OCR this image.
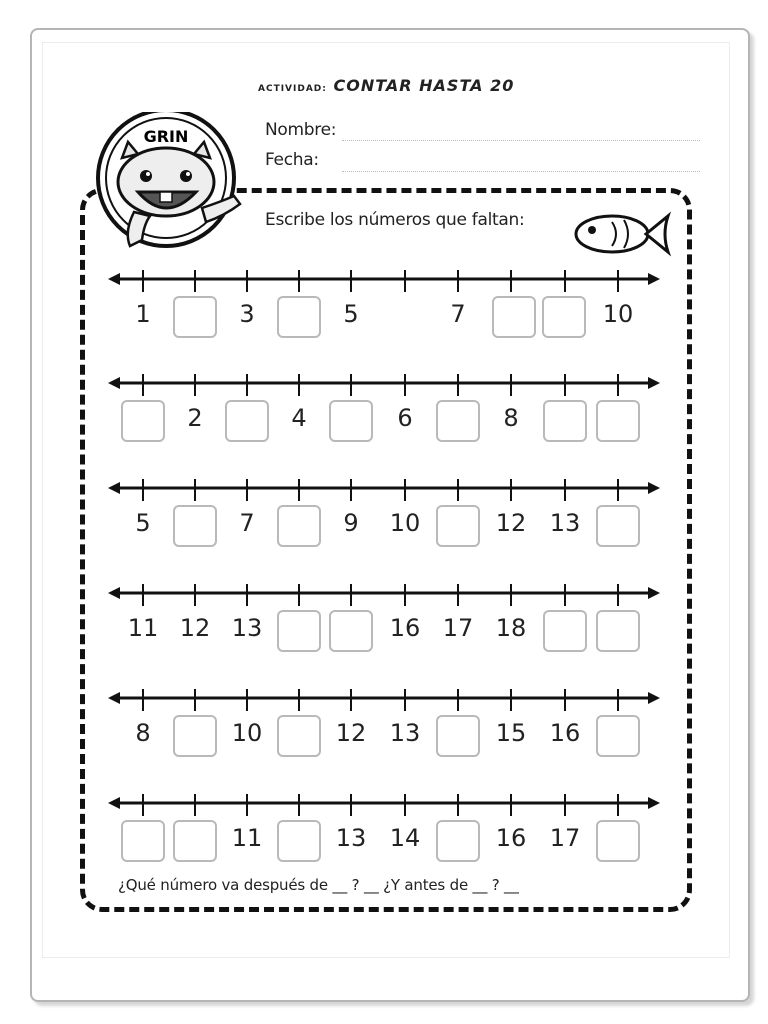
ACTIVIDAD: CONTAR HASTA 20
Nombre:
Fecha:
GRIN
Escribe los números que faltan:
1	3	5	7	10
2	4	6	8
5	7	9	10	12 13
11 12 13	16 17 18
8	10	12 13	15 16
11	13 14	16 17
¿Qué número va después de __ ? __ ¿Y antes de __ ? __
